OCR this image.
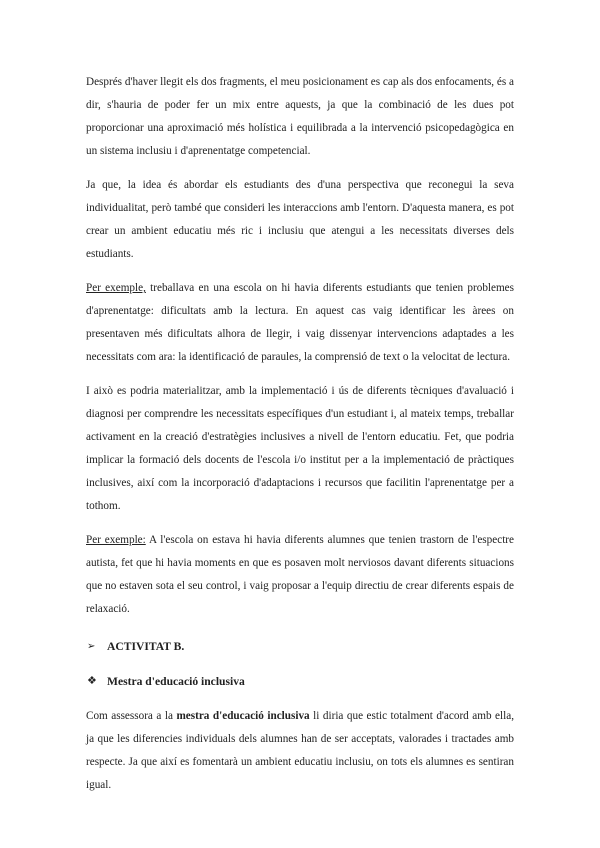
Després d'haver llegit els dos fragments, el meu posicionament es cap als dos enfocaments, és a dir, s'hauria de poder fer un mix entre aquests, ja que la combinació de les dues pot proporcionar una aproximació més holística i equilibrada a la intervenció psicopedagògica en un sistema inclusiu i d'aprenentatge competencial.

Ja que, la idea és abordar els estudiants des d'una perspectiva que reconegui la seva individualitat, però també que consideri les interaccions amb l'entorn. D'aquesta manera, es pot crear un ambient educatiu més ric i inclusiu que atengui a les necessitats diverses dels estudiants.

Per exemple, treballava en una escola on hi havia diferents estudiants que tenien problemes d'aprenentatge: dificultats amb la lectura. En aquest cas vaig identificar les àrees on presentaven més dificultats alhora de llegir, i vaig dissenyar intervencions adaptades a les necessitats com ara: la identificació de paraules, la comprensió de text o la velocitat de lectura.

I això es podria materialitzar, amb la implementació i ús de diferents tècniques d'avaluació i diagnosi per comprendre les necessitats específiques d'un estudiant i, al mateix temps, treballar activament en la creació d'estratègies inclusives a nivell de l'entorn educatiu. Fet, que podria implicar la formació dels docents de l'escola i/o institut per a la implementació de pràctiques inclusives, així com la incorporació d'adaptacions i recursos que facilitin l'aprenentatge per a tothom.

Per exemple: A l'escola on estava hi havia diferents alumnes que tenien trastorn de l'espectre autista, fet que hi havia moments en que es posaven molt nerviosos davant diferents situacions que no estaven sota el seu control, i vaig proposar a l'equip directiu de crear diferents espais de relaxació.

➢	ACTIVITAT B.
❖ Mestra d'educació inclusiva

Com assessora a la mestra d'educació inclusiva li diria que estic totalment d'acord amb ella, ja que les diferencies individuals dels alumnes han de ser acceptats, valorades i tractades amb respecte. Ja que així es fomentarà un ambient educatiu inclusiu, on tots els alumnes es sentiran igual.
